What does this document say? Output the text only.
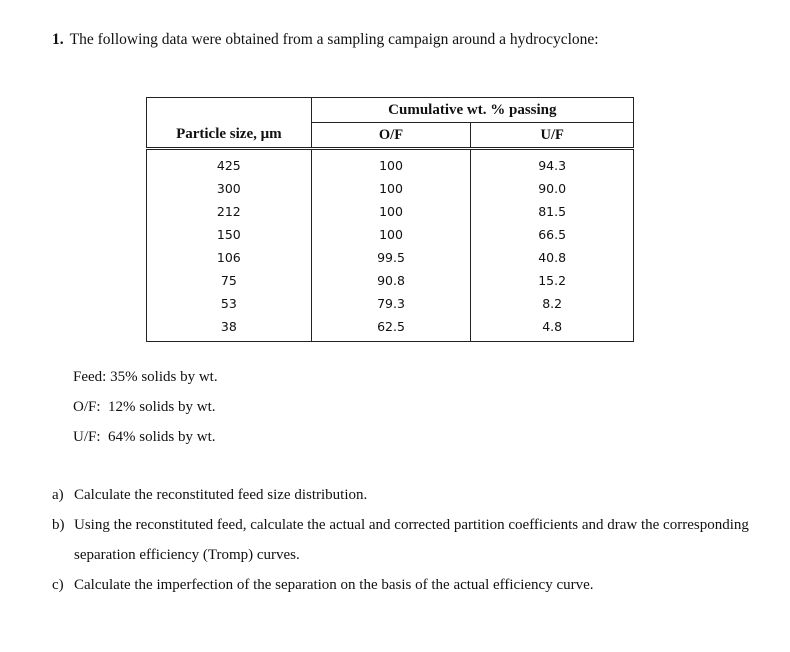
1. The following data were obtained from a sampling campaign around a hydrocyclone:
Particle size, μm	Cumulative wt. % passing	
	O/F	U/F
425	100	94.3
300	100	90.0
212	100	81.5
150	100	66.5
106	99.5	40.8
75	90.8	15.2
53	79.3	8.2
38	62.5	4.8
Feed: 35% solids by wt.
O/F:  12% solids by wt.
U/F:  64% solids by wt.
a) Calculate the reconstituted feed size distribution.
b) Using the reconstituted feed, calculate the actual and corrected partition coefficients and draw the corresponding separation efficiency (Tromp) curves.
c) Calculate the imperfection of the separation on the basis of the actual efficiency curve.
